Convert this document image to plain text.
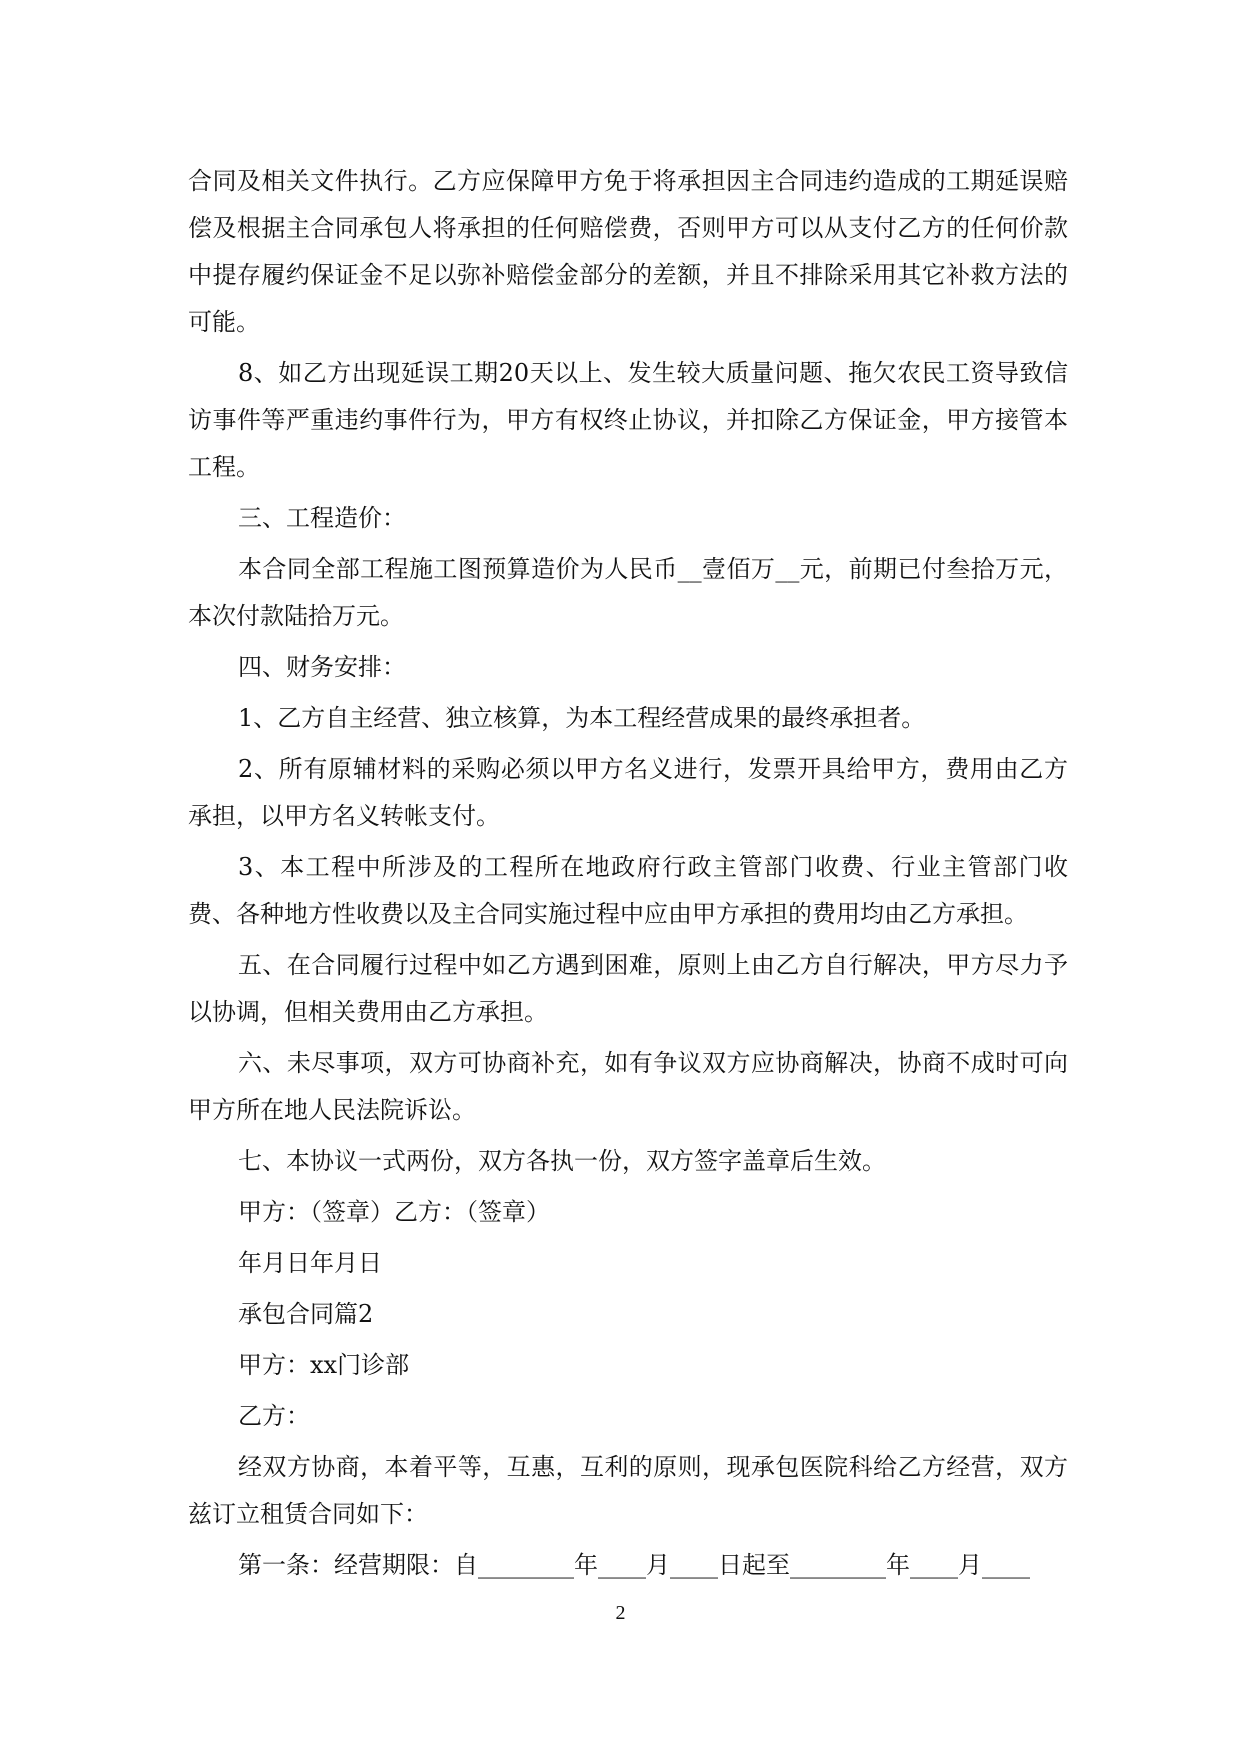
合同及相关文件执行。乙方应保障甲方免于将承担因主合同违约造成的工期延误赔偿及根据主合同承包人将承担的任何赔偿费，否则甲方可以从支付乙方的任何价款中提存履约保证金不足以弥补赔偿金部分的差额，并且不排除采用其它补救方法的可能。

8、如乙方出现延误工期20天以上、发生较大质量问题、拖欠农民工资导致信访事件等严重违约事件行为，甲方有权终止协议，并扣除乙方保证金，甲方接管本工程。

三、工程造价：

本合同全部工程施工图预算造价为人民币__壹佰万__元，前期已付叁拾万元，本次付款陆拾万元。

四、财务安排：

1、乙方自主经营、独立核算，为本工程经营成果的最终承担者。

2、所有原辅材料的采购必须以甲方名义进行，发票开具给甲方，费用由乙方承担，以甲方名义转帐支付。

3、本工程中所涉及的工程所在地政府行政主管部门收费、行业主管部门收费、各种地方性收费以及主合同实施过程中应由甲方承担的费用均由乙方承担。

五、在合同履行过程中如乙方遇到困难，原则上由乙方自行解决，甲方尽力予以协调，但相关费用由乙方承担。

六、未尽事项，双方可协商补充，如有争议双方应协商解决，协商不成时可向甲方所在地人民法院诉讼。

七、本协议一式两份，双方各执一份，双方签字盖章后生效。

甲方：（签章）乙方：（签章）

年月日年月日

承包合同篇2

甲方：xx门诊部

乙方：

经双方协商，本着平等，互惠，互利的原则，现承包医院科给乙方经营，双方兹订立租赁合同如下：

第一条：经营期限：自________年____月____日起至________年____月____

2
